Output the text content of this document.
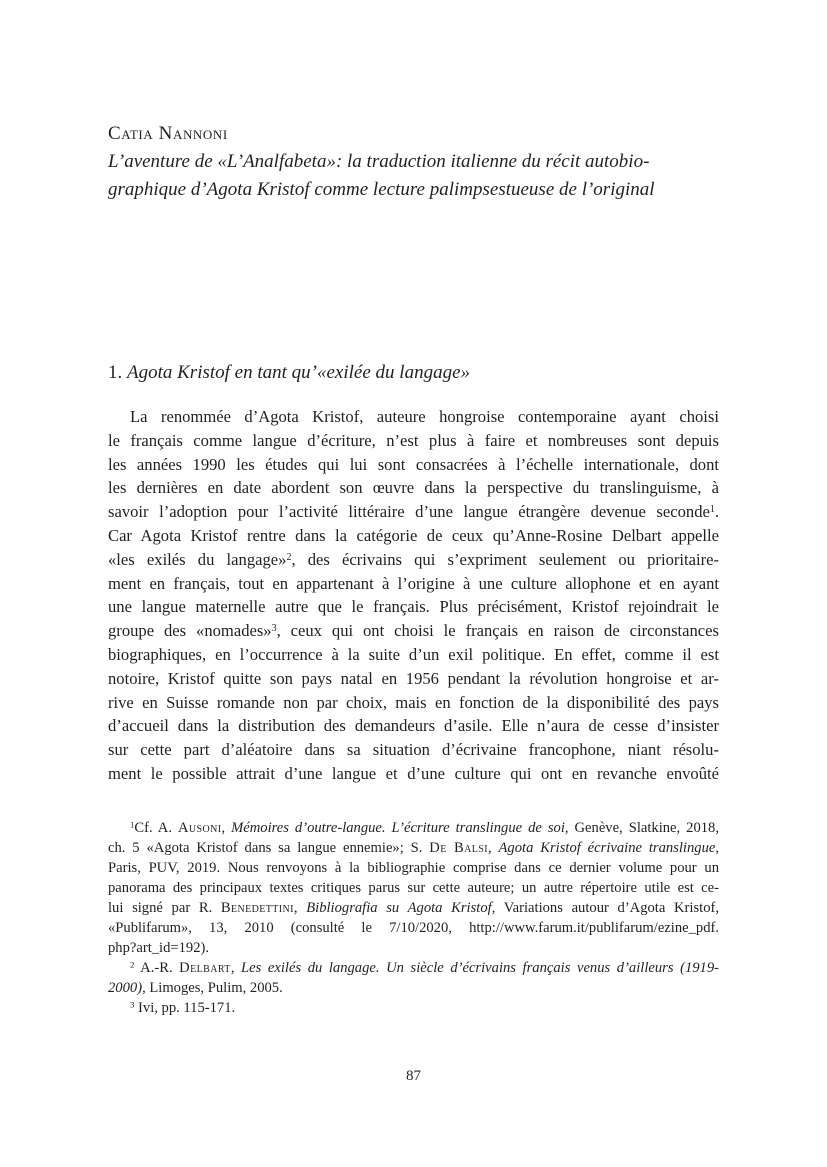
Catia Nannoni
L’aventure de «L’Analfabeta»: la traduction italienne du récit autobio-
graphique d’Agota Kristof comme lecture palimpsestueuse de l’original
1. Agota Kristof en tant qu’«exilée du langage»
La renommée d’Agota Kristof, auteure hongroise contemporaine ayant choisi
le français comme langue d’écriture, n’est plus à faire et nombreuses sont depuis
les années 1990 les études qui lui sont consacrées à l’échelle internationale, dont
les dernières en date abordent son œuvre dans la perspective du translinguisme, à
savoir l’adoption pour l’activité littéraire d’une langue étrangère devenue seconde$^1$.
Car Agota Kristof rentre dans la catégorie de ceux qu’Anne-Rosine Delbart appelle
«les exilés du langage»$^2$, des écrivains qui s’expriment seulement ou prioritaire-
ment en français, tout en appartenant à l’origine à une culture allophone et en ayant
une langue maternelle autre que le français. Plus précisément, Kristof rejoindrait le
groupe des «nomades»$^3$, ceux qui ont choisi le français en raison de circonstances
biographiques, en l’occurrence à la suite d’un exil politique. En effet, comme il est
notoire, Kristof quitte son pays natal en 1956 pendant la révolution hongroise et ar-
rive en Suisse romande non par choix, mais en fonction de la disponibilité des pays
d’accueil dans la distribution des demandeurs d’asile. Elle n’aura de cesse d’insister
sur cette part d’aléatoire dans sa situation d’écrivaine francophone, niant résolu-
ment le possible attrait d’une langue et d’une culture qui ont en revanche envoûté
$^1$Cf. A. Ausoni, Mémoires d’outre-langue. L’écriture translingue de soi, Genève, Slatkine, 2018,
ch. 5 «Agota Kristof dans sa langue ennemie»; S. De Balsi, Agota Kristof écrivaine translingue,
Paris, PUV, 2019. Nous renvoyons à la bibliographie comprise dans ce dernier volume pour un
panorama des principaux textes critiques parus sur cette auteure; un autre répertoire utile est ce-
lui signé par R. Benedettini, Bibliografia su Agota Kristof, Variations autour d’Agota Kristof,
«Publifarum», 13, 2010 (consulté le 7/10/2020, http://www.farum.it/publifarum/ezine_pdf.
php?art_id=192).
$^2$ A.-R. Delbart, Les exilés du langage. Un siècle d’écrivains français venus d’ailleurs (1919-
2000), Limoges, Pulim, 2005.
$^3$ Ivi, pp. 115-171.
87
